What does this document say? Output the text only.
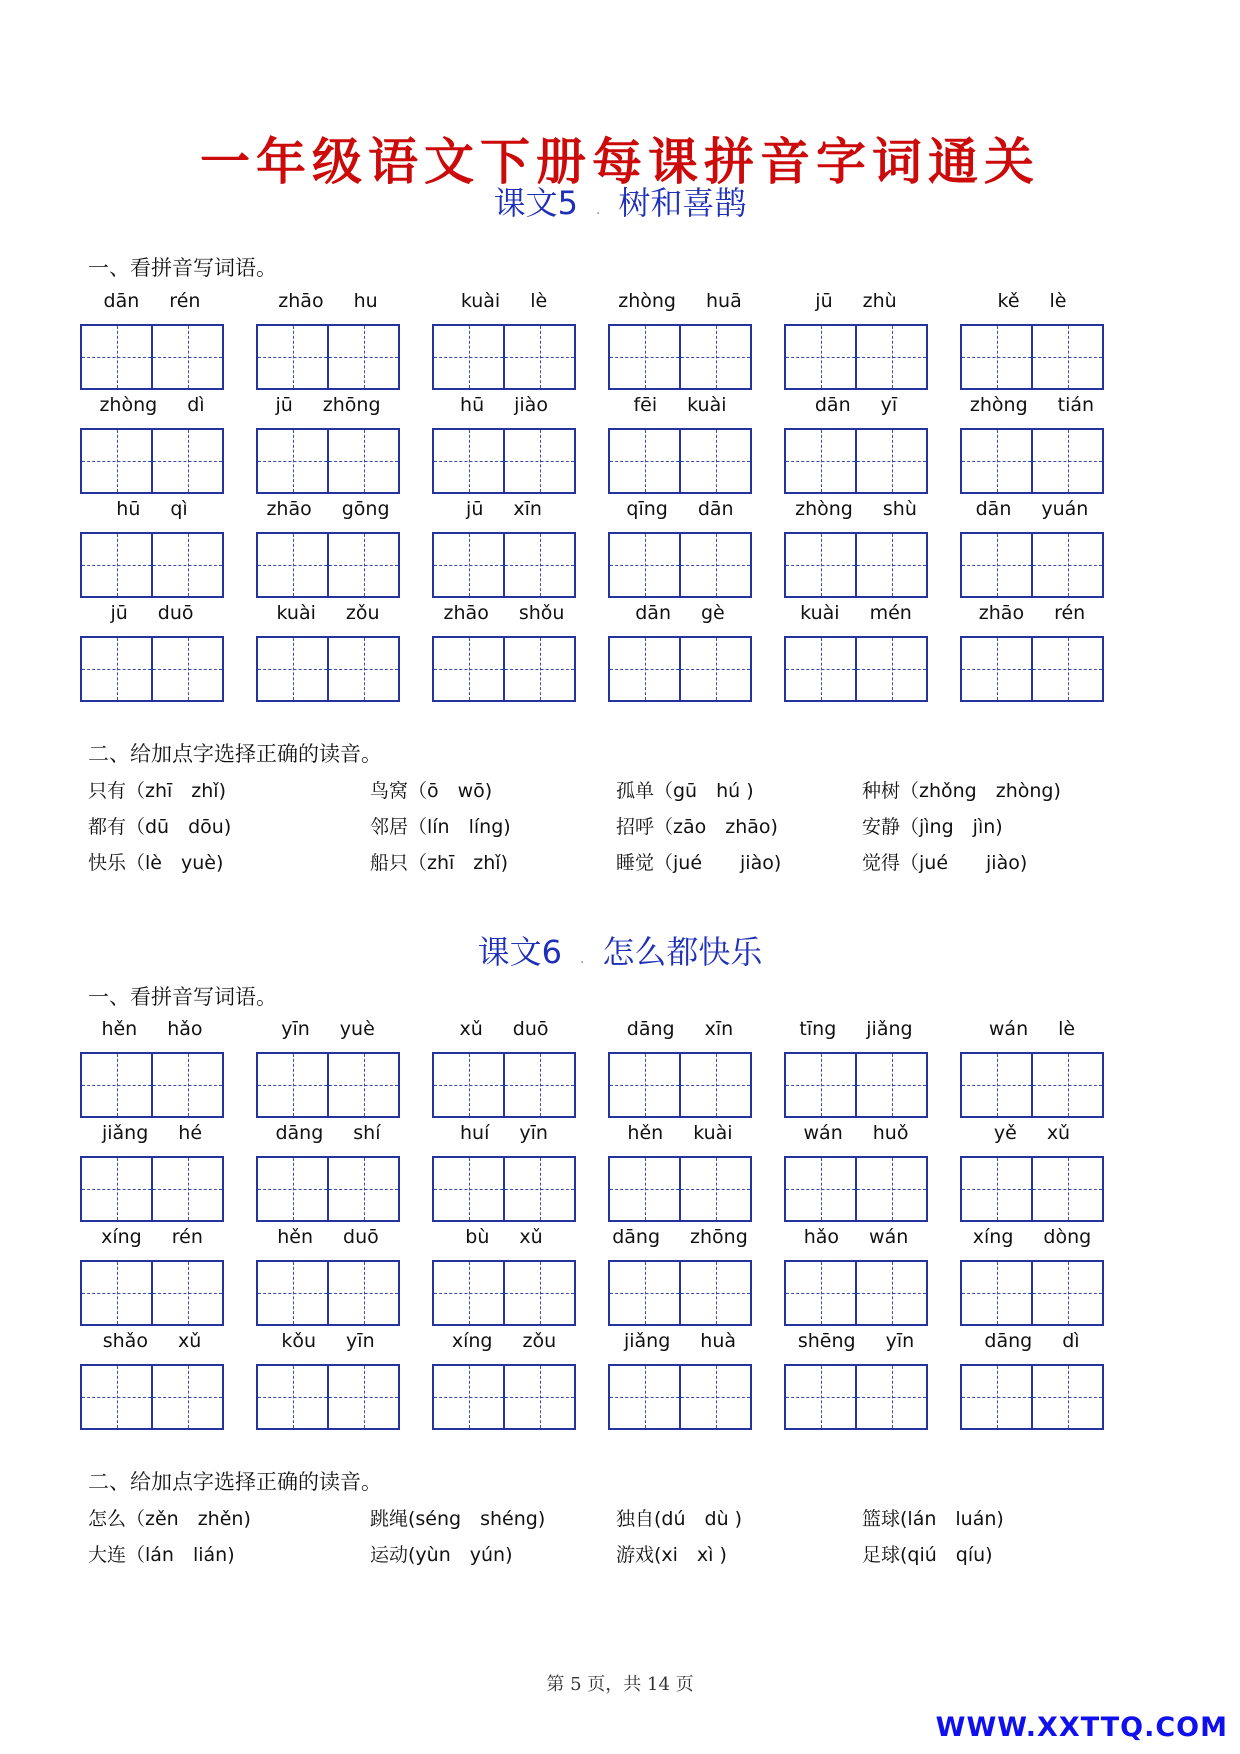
一年级语文下册每课拼音字词通关
课文5 . 树和喜鹊
一、看拼音写词语。
dān rén	zhāo hu	kuài lè	zhòng huā	jū zhù	kě lè
zhòng dì	jū zhōng	hū jiào	fēi kuài	dān yī	zhòng tián
hū qì	zhāo gōng	jū xīn	qīng dān	zhòng shù	dān yuán
jū duō	kuài zǒu	zhāo shǒu	dān gè	kuài mén	zhāo rén
二、给加点字选择正确的读音。
只有（zhī　zhǐ)	鸟窝（ō　wō)	孤单（gū　hú )	种树（zhǒng　zhòng)
都有（dū　dōu)	邻居（lín　líng)	招呼（zāo　zhāo)	安静（jìng　jìn)
快乐（lè　yuè)	船只（zhī　zhǐ)	睡觉（jué　　jiào)	觉得（jué　　jiào)
课文6 . 怎么都快乐
一、看拼音写词语。
hěn hǎo	yīn yuè	xǔ duō	dāng xīn	tīng jiǎng	wán lè
jiǎng hé	dāng shí	huí yīn	hěn kuài	wán huǒ	yě xǔ
xíng rén	hěn duō	bù xǔ	dāng zhōng	hǎo wán	xíng dòng
shǎo xǔ	kǒu yīn	xíng zǒu	jiǎng huà	shēng yīn	dāng dì
二、给加点字选择正确的读音。
怎么（zěn　zhěn)	跳绳(séng　shéng)	独自(dú　dù )	篮球(lán　luán)
大连（lán　lián)	运动(yùn　yún)	游戏(xi　xì )	足球(qiú　qíu)
第 5 页，共 14 页
WWW.XXTTQ.COM
